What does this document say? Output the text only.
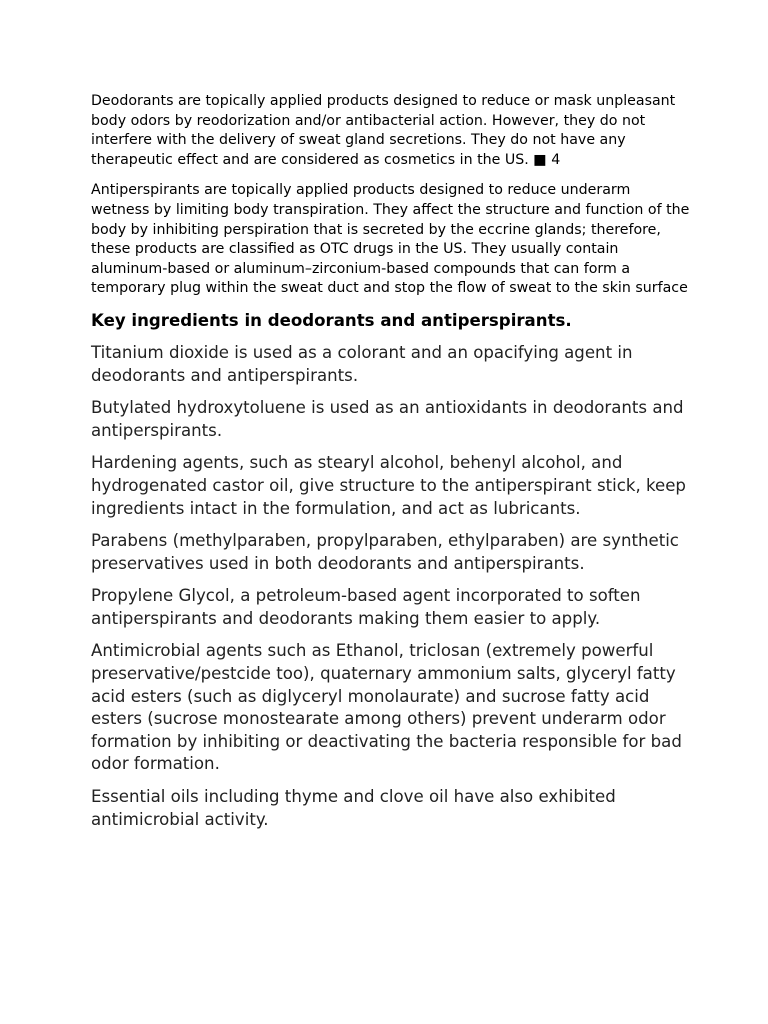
Deodorants are topically applied products designed to reduce or mask unpleasant body odors by reodorization and/or antibacterial action. However, they do not interfere with the delivery of sweat gland secretions. They do not have any therapeutic effect and are considered as cosmetics in the US. ■ 4

Antiperspirants are topically applied products designed to reduce underarm wetness by limiting body transpiration. They affect the structure and function of the body by inhibiting perspiration that is secreted by the eccrine glands; therefore, these products are classified as OTC drugs in the US. They usually contain aluminum-based or aluminum–zirconium-based compounds that can form a temporary plug within the sweat duct and stop the flow of sweat to the skin surface

Key ingredients in deodorants and antiperspirants.

Titanium dioxide is used as a colorant and an opacifying agent in deodorants and antiperspirants.

Butylated hydroxytoluene is used as an antioxidants in deodorants and antiperspirants.

Hardening agents, such as stearyl alcohol, behenyl alcohol, and hydrogenated castor oil, give structure to the antiperspirant stick, keep ingredients intact in the formulation, and act as lubricants.

Parabens (methylparaben, propylparaben, ethylparaben) are synthetic preservatives used in both deodorants and antiperspirants.

Propylene Glycol, a petroleum-based agent incorporated to soften antiperspirants and deodorants making them easier to apply.

Antimicrobial agents such as Ethanol, triclosan (extremely powerful preservative/pestcide too), quaternary ammonium salts, glyceryl fatty acid esters (such as diglyceryl monolaurate) and sucrose fatty acid esters (sucrose monostearate among others) prevent underarm odor formation by inhibiting or deactivating the bacteria responsible for bad odor formation.

Essential oils including thyme and clove oil have also exhibited antimicrobial activity.
